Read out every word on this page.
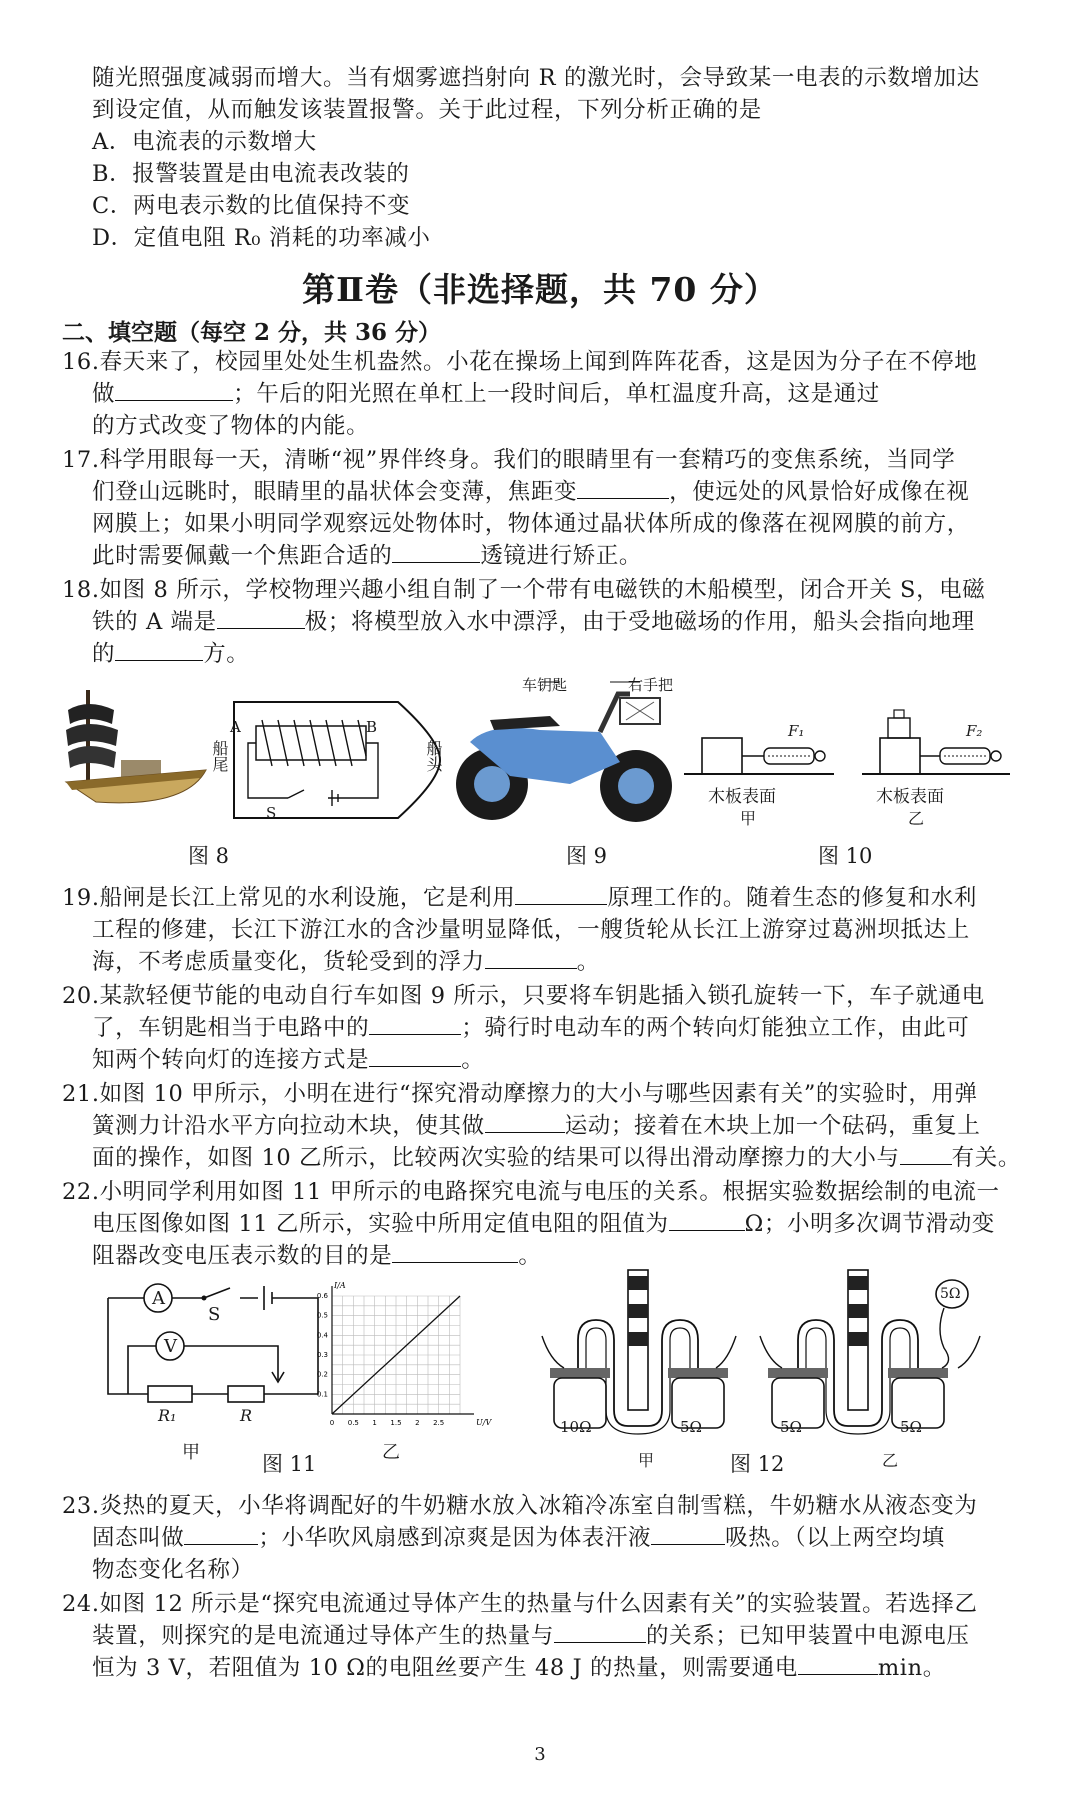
随光照强度减弱而增大。当有烟雾遮挡射向 R 的激光时，会导致某一电表的示数增加达
到设定值，从而触发该装置报警。关于此过程，下列分析正确的是
A．电流表的示数增大
B．报警装置是由电流表改装的
C．两电表示数的比值保持不变
D．定值电阻 R₀ 消耗的功率减小
第Ⅱ卷（非选择题，共 70 分）
二、填空题（每空 2 分，共 36 分）
16.春天来了，校园里处处生机盎然。小花在操场上闻到阵阵花香，这是因为分子在不停地
做	；午后的阳光照在单杠上一段时间后，单杠温度升高，这是通过
的方式改变了物体的内能。
17.科学用眼每一天，清晰“视”界伴终身。我们的眼睛里有一套精巧的变焦系统，当同学
们登山远眺时，眼睛里的晶状体会变薄，焦距变	，使远处的风景恰好成像在视
网膜上；如果小明同学观察远处物体时，物体通过晶状体所成的像落在视网膜的前方，
此时需要佩戴一个焦距合适的	透镜进行矫正。
18.如图 8 所示，学校物理兴趣小组自制了一个带有电磁铁的木船模型，闭合开关 S，电磁
铁的 A 端是	极；将模型放入水中漂浮，由于受地磁场的作用，船头会指向地理
的	方。
A	B
S
船尾	船头
图 8
车钥匙	右手把
图 9
F₁	F₂
木板表面	木板表面
甲	乙
图 10
19.船闸是长江上常见的水利设施，它是利用	原理工作的。随着生态的修复和水利
工程的修建，长江下游江水的含沙量明显降低，一艘货轮从长江上游穿过葛洲坝抵达上
海，不考虑质量变化，货轮受到的浮力	。
20.某款轻便节能的电动自行车如图 9 所示，只要将车钥匙插入锁孔旋转一下，车子就通电
了，车钥匙相当于电路中的	；骑行时电动车的两个转向灯能独立工作，由此可
知两个转向灯的连接方式是	。
21.如图 10 甲所示，小明在进行“探究滑动摩擦力的大小与哪些因素有关”的实验时，用弹
簧测力计沿水平方向拉动木块，使其做	运动；接着在木块上加一个砝码，重复上
面的操作，如图 10 乙所示，比较两次实验的结果可以得出滑动摩擦力的大小与 有关。
22.小明同学利用如图 11 甲所示的电路探究电流与电压的关系。根据实验数据绘制的电流一
电压图像如图 11 乙所示，实验中所用定值电阻的阻值为	Ω；小明多次调节滑动变
阻器改变电压表示数的目的是	。
A
V
S
R₁	R
甲
0 0.5 1 1.5 2 2.5
0.1
0.2
0.3
0.4
0.5
0.6
U/V
I/A
乙
图 11
10Ω	5Ω	5Ω	5Ω
5Ω
甲	乙
图 12
23.炎热的夏天，小华将调配好的牛奶糖水放入冰箱冷冻室自制雪糕，牛奶糖水从液态变为
固态叫做	；小华吹风扇感到凉爽是因为体表汗液	吸热。（以上两空均填
物态变化名称）
24.如图 12 所示是“探究电流通过导体产生的热量与什么因素有关”的实验装置。若选择乙
装置，则探究的是电流通过导体产生的热量与	的关系；已知甲装置中电源电压
恒为 3 V，若阻值为 10 Ω的电阻丝要产生 48 J 的热量，则需要通电	min。
3
